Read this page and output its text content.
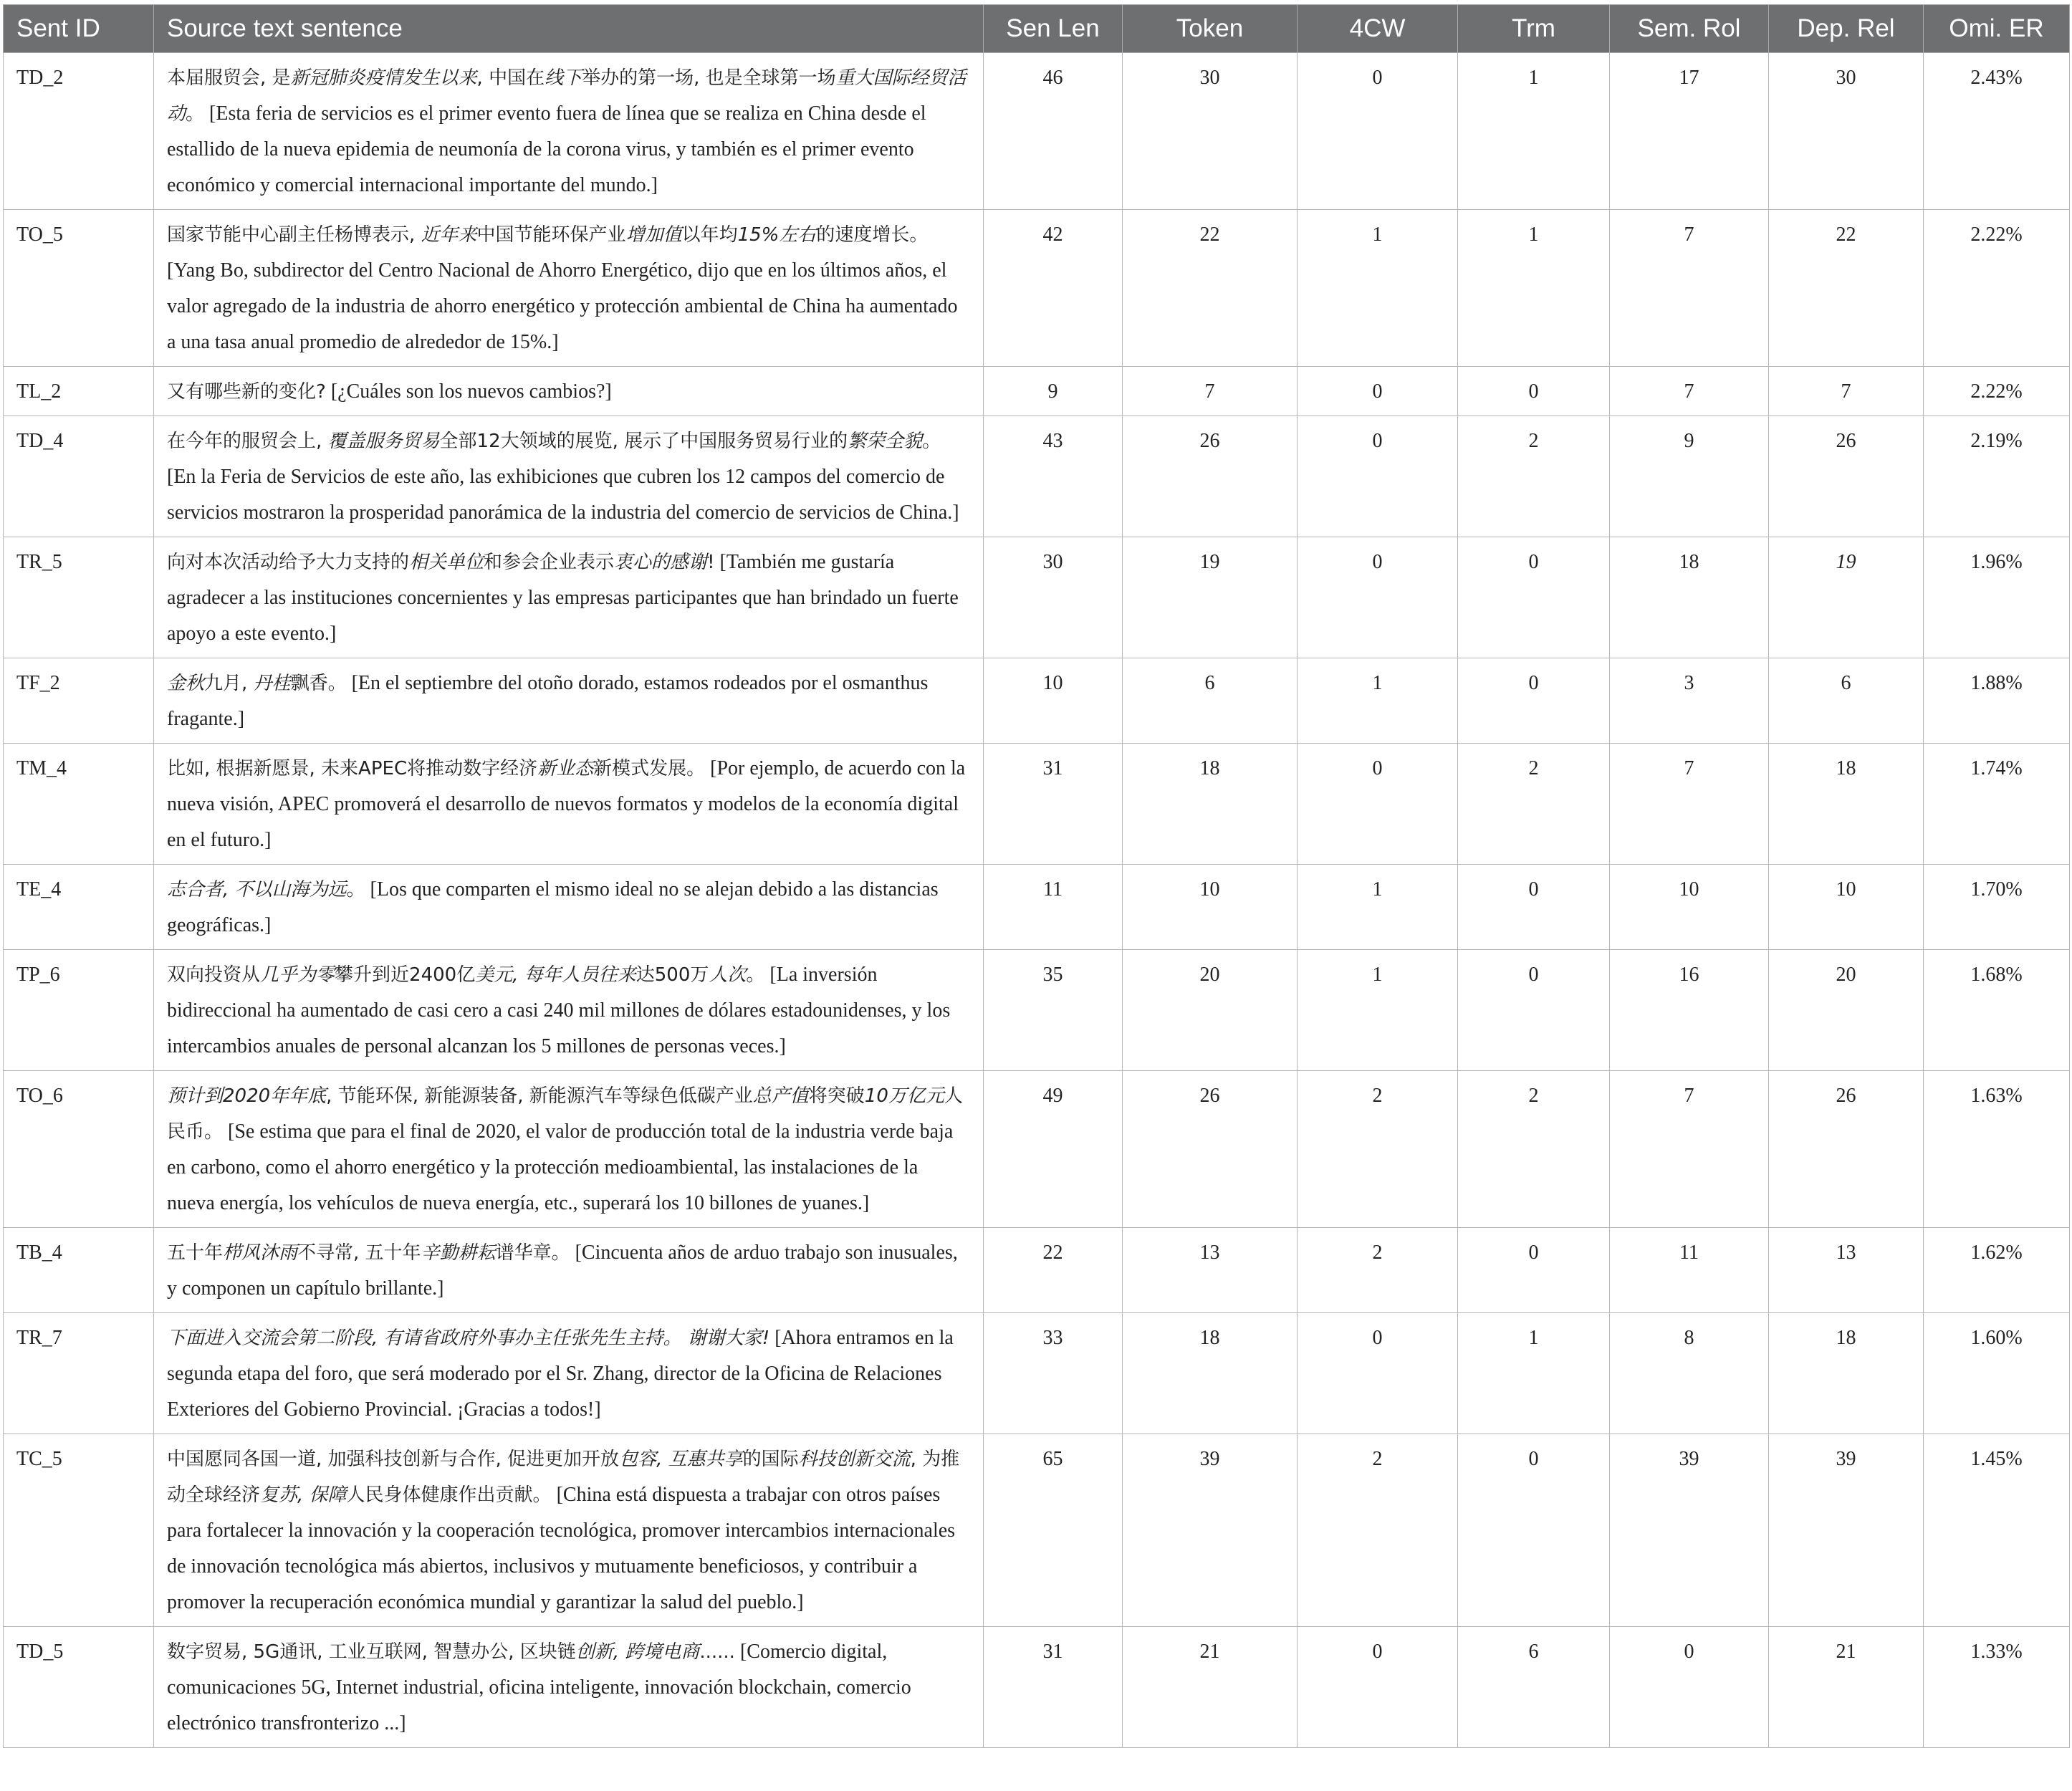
Sent ID	Source text sentence	Sen Len	Token	4CW	Trm	Sem. Rol	Dep. Rel	Omi. ER
TD_2	本届服贸会, 是新冠肺炎疫情发生以来, 中国在线下举办的第一场, 也是全球第一场重大国际经贸活动。 [Esta feria de servicios es el primer evento fuera de línea que se realiza en China desde el estallido de la nueva epidemia de neumonía de la corona virus, y también es el primer evento económico y comercial internacional importante del mundo.]	46	30	0	1	17	30	2.43%
TO_5	国家节能中心副主任杨博表示, 近年来中国节能环保产业增加值以年均15%左右的速度增长。 [Yang Bo, subdirector del Centro Nacional de Ahorro Energético, dijo que en los últimos años, el valor agregado de la industria de ahorro energético y protección ambiental de China ha aumentado a una tasa anual promedio de alrededor de 15%.]	42	22	1	1	7	22	2.22%
TL_2	又有哪些新的变化? [¿Cuáles son los nuevos cambios?]	9	7	0	0	7	7	2.22%
TD_4	在今年的服贸会上, 覆盖服务贸易全部12大领域的展览, 展示了中国服务贸易行业的繁荣全貌。 [En la Feria de Servicios de este año, las exhibiciones que cubren los 12 campos del comercio de servicios mostraron la prosperidad panorámica de la industria del comercio de servicios de China.]	43	26	0	2	9	26	2.19%
TR_5	向对本次活动给予大力支持的相关单位和参会企业表示衷心的感谢! [También me gustaría agradecer a las instituciones concernientes y las empresas participantes que han brindado un fuerte apoyo a este evento.]	30	19	0	0	18	19	1.96%
TF_2	金秋九月, 丹桂飘香。 [En el septiembre del otoño dorado, estamos rodeados por el osmanthus fragante.]	10	6	1	0	3	6	1.88%
TM_4	比如, 根据新愿景, 未来APEC将推动数字经济新业态新模式发展。 [Por ejemplo, de acuerdo con la nueva visión, APEC promoverá el desarrollo de nuevos formatos y modelos de la economía digital en el futuro.]	31	18	0	2	7	18	1.74%
TE_4	志合者, 不以山海为远。 [Los que comparten el mismo ideal no se alejan debido a las distancias geográficas.]	11	10	1	0	10	10	1.70%
TP_6	双向投资从几乎为零攀升到近2400亿美元, 每年人员往来达500万人次。 [La inversión bidireccional ha aumentado de casi cero a casi 240 mil millones de dólares estadounidenses, y los intercambios anuales de personal alcanzan los 5 millones de personas veces.]	35	20	1	0	16	20	1.68%
TO_6	预计到2020年年底, 节能环保, 新能源装备, 新能源汽车等绿色低碳产业总产值将突破10万亿元人民币。 [Se estima que para el final de 2020, el valor de producción total de la industria verde baja en carbono, como el ahorro energético y la protección medioambiental, las instalaciones de la nueva energía, los vehículos de nueva energía, etc., superará los 10 billones de yuanes.]	49	26	2	2	7	26	1.63%
TB_4	五十年栉风沐雨不寻常, 五十年辛勤耕耘谱华章。 [Cincuenta años de arduo trabajo son inusuales, y componen un capítulo brillante.]	22	13	2	0	11	13	1.62%
TR_7	下面进入交流会第二阶段, 有请省政府外事办主任张先生主持。 谢谢大家! [Ahora entramos en la segunda etapa del foro, que será moderado por el Sr. Zhang, director de la Oficina de Relaciones Exteriores del Gobierno Provincial. ¡Gracias a todos!]	33	18	0	1	8	18	1.60%
TC_5	中国愿同各国一道, 加强科技创新与合作, 促进更加开放包容, 互惠共享的国际科技创新交流, 为推动全球经济复苏, 保障人民身体健康作出贡献。 [China está dispuesta a trabajar con otros países para fortalecer la innovación y la cooperación tecnológica, promover intercambios internacionales de innovación tecnológica más abiertos, inclusivos y mutuamente beneficiosos, y contribuir a promover la recuperación económica mundial y garantizar la salud del pueblo.]	65	39	2	0	39	39	1.45%
TD_5	数字贸易, 5G通讯, 工业互联网, 智慧办公, 区块链创新, 跨境电商...... [Comercio digital, comunicaciones 5G, Internet industrial, oficina inteligente, innovación blockchain, comercio electrónico transfronterizo ...]	31	21	0	6	0	21	1.33%
